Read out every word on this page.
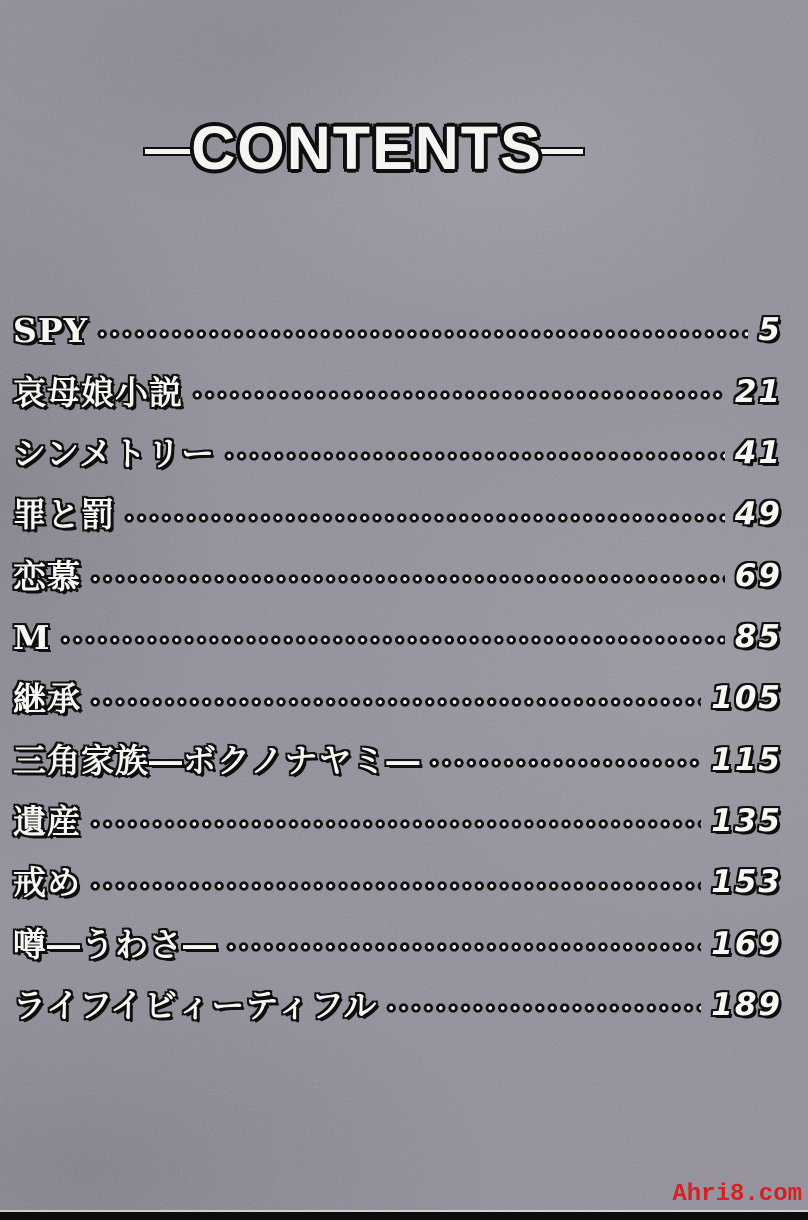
CONTENTS
SPY	5
哀母娘小説	21
シンメトリー	41
罪と罰	49
恋慕	69
M	85
継承	105
三角家族―ボクノナヤミ―	115
遺産	135
戒め	153
噂―うわさ―	169
ライフイビィーティフル	189
Ahri8.com
